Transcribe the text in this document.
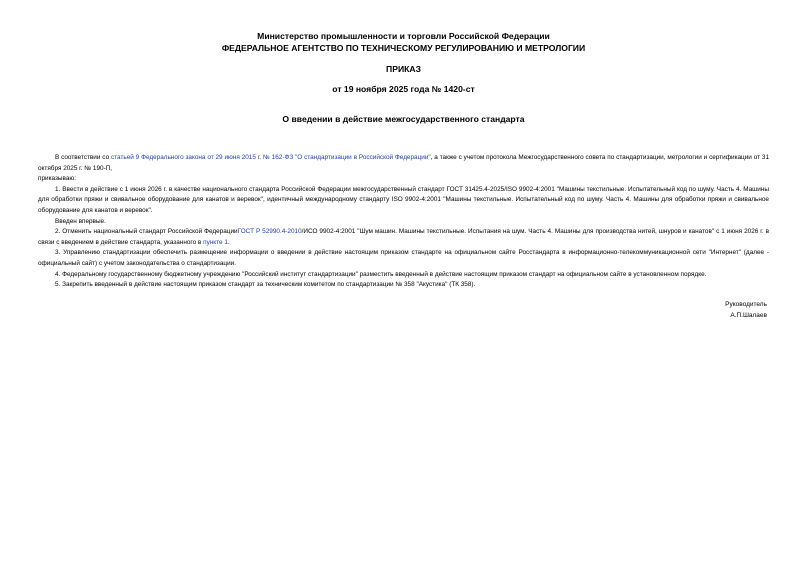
Министерство промышленности и торговли Российской Федерации
ФЕДЕРАЛЬНОЕ АГЕНТСТВО ПО ТЕХНИЧЕСКОМУ РЕГУЛИРОВАНИЮ И МЕТРОЛОГИИ
ПРИКАЗ
от 19 ноября 2025 года № 1420-ст
О введении в действие межгосударственного стандарта

В соответствии со статьей 9 Федерального закона от 29 июня 2015 г. № 162-ФЗ "О стандартизации в Российской Федерации", а также с учетом протокола Межгосударственного совета по стандартизации, метрологии и сертификации от 31 октября 2025 г. № 190-П,

приказываю:

1. Ввести в действие с 1 июня 2026 г. в качестве национального стандарта Российской Федерации межгосударственный стандарт ГОСТ 31425.4-2025/ISO 9902-4:2001 "Машины текстильные. Испытательный код по шуму. Часть 4. Машины для обработки пряжи и свивальное оборудование для канатов и веревок", идентичный международному стандарту ISO 9902-4:2001 "Машины текстильные. Испытательный код по шуму. Часть 4. Машины для обработки пряжи и свивальное оборудование для канатов и веревок".

Введен впервые.

2. Отменить национальный стандарт Российской ФедерацииГОСТ Р 52990.4-2010/ИСО 9902-4:2001 "Шум машин. Машины текстильные. Испытания на шум. Часть 4. Машины для производства нитей, шнуров и канатов" с 1 июня 2026 г. в связи с введением в действие стандарта, указанного в пункте 1.

3. Управлению стандартизации обеспечить размещение информации о введении в действие настоящим приказом стандарте на официальном сайте Росстандарта в информационно-телекоммуникационной сети "Интернет" (далее - официальный сайт) с учетом законодательства о стандартизации.

4. Федеральному государственному бюджетному учреждению "Российский институт стандартизации" разместить введенный в действие настоящим приказом стандарт на официальном сайте в установленном порядке.

5. Закрепить введенный в действие настоящим приказом стандарт за техническим комитетом по стандартизации № 358 "Акустика" (ТК 358).

Руководитель
А.П.Шалаев
